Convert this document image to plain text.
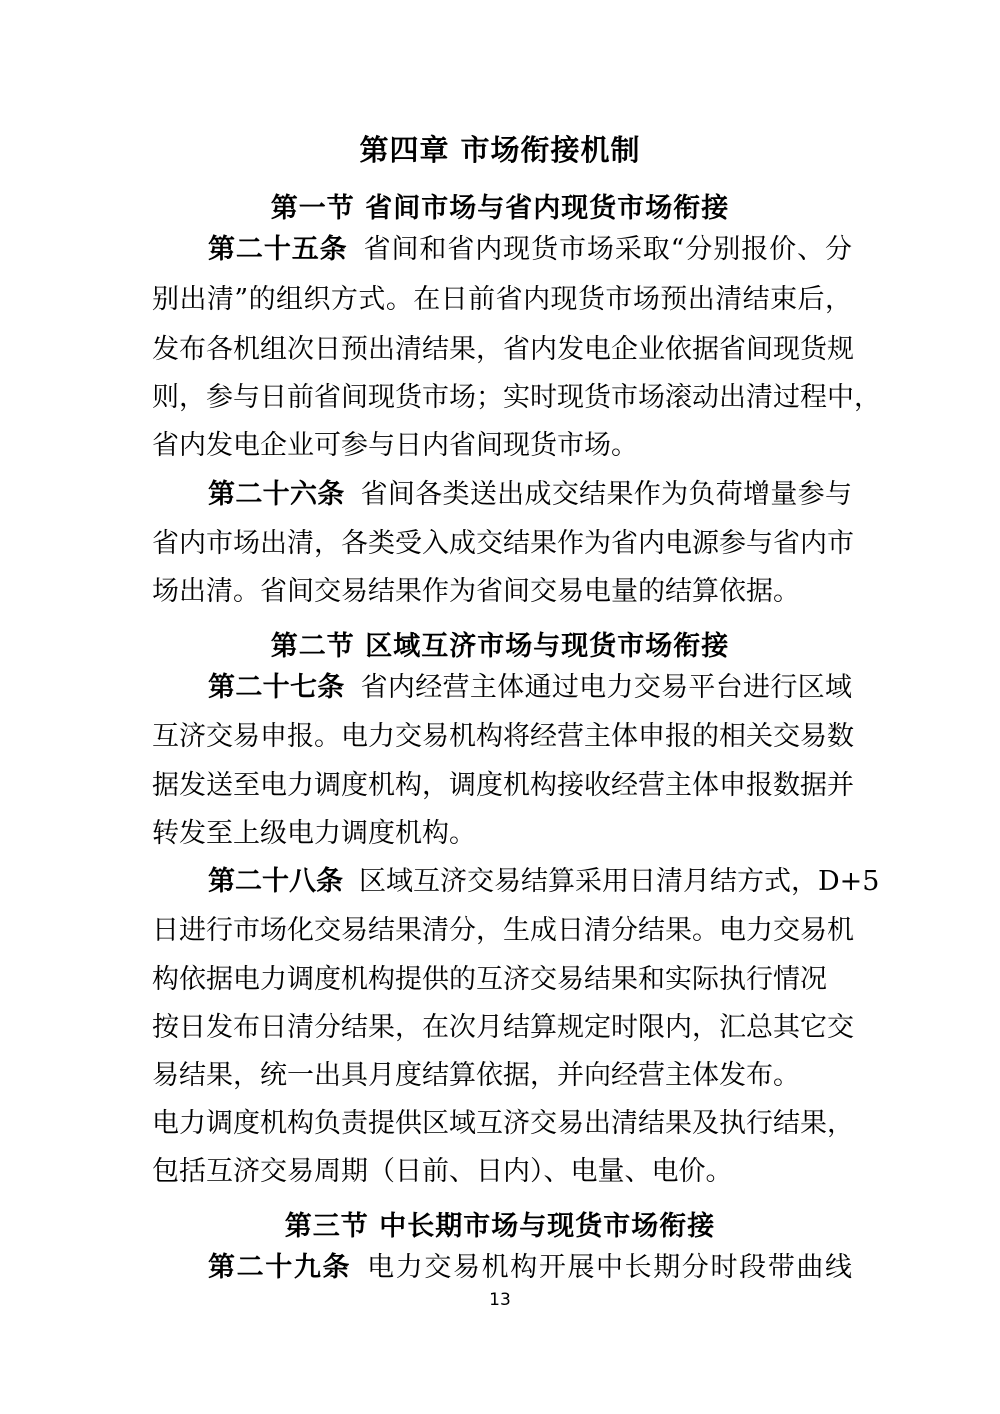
第四章 市场衔接机制
第一节 省间市场与省内现货市场衔接
第二十五条 省间和省内现货市场采取“分别报价、分
别出清”的组织方式。在日前省内现货市场预出清结束后，
发布各机组次日预出清结果，省内发电企业依据省间现货规
则，参与日前省间现货市场；实时现货市场滚动出清过程中，
省内发电企业可参与日内省间现货市场。
第二十六条 省间各类送出成交结果作为负荷增量参与
省内市场出清，各类受入成交结果作为省内电源参与省内市
场出清。省间交易结果作为省间交易电量的结算依据。
第二节 区域互济市场与现货市场衔接
第二十七条 省内经营主体通过电力交易平台进行区域
互济交易申报。电力交易机构将经营主体申报的相关交易数
据发送至电力调度机构，调度机构接收经营主体申报数据并
转发至上级电力调度机构。
第二十八条 区域互济交易结算采用日清月结方式，D+5
日进行市场化交易结果清分，生成日清分结果。电力交易机
构依据电力调度机构提供的互济交易结果和实际执行情况
按日发布日清分结果，在次月结算规定时限内，汇总其它交
易结果，统一出具月度结算依据，并向经营主体发布。
电力调度机构负责提供区域互济交易出清结果及执行结果，
包括互济交易周期（日前、日内）、电量、电价。
第三节 中长期市场与现货市场衔接
第二十九条 电力交易机构开展中长期分时段带曲线
13
